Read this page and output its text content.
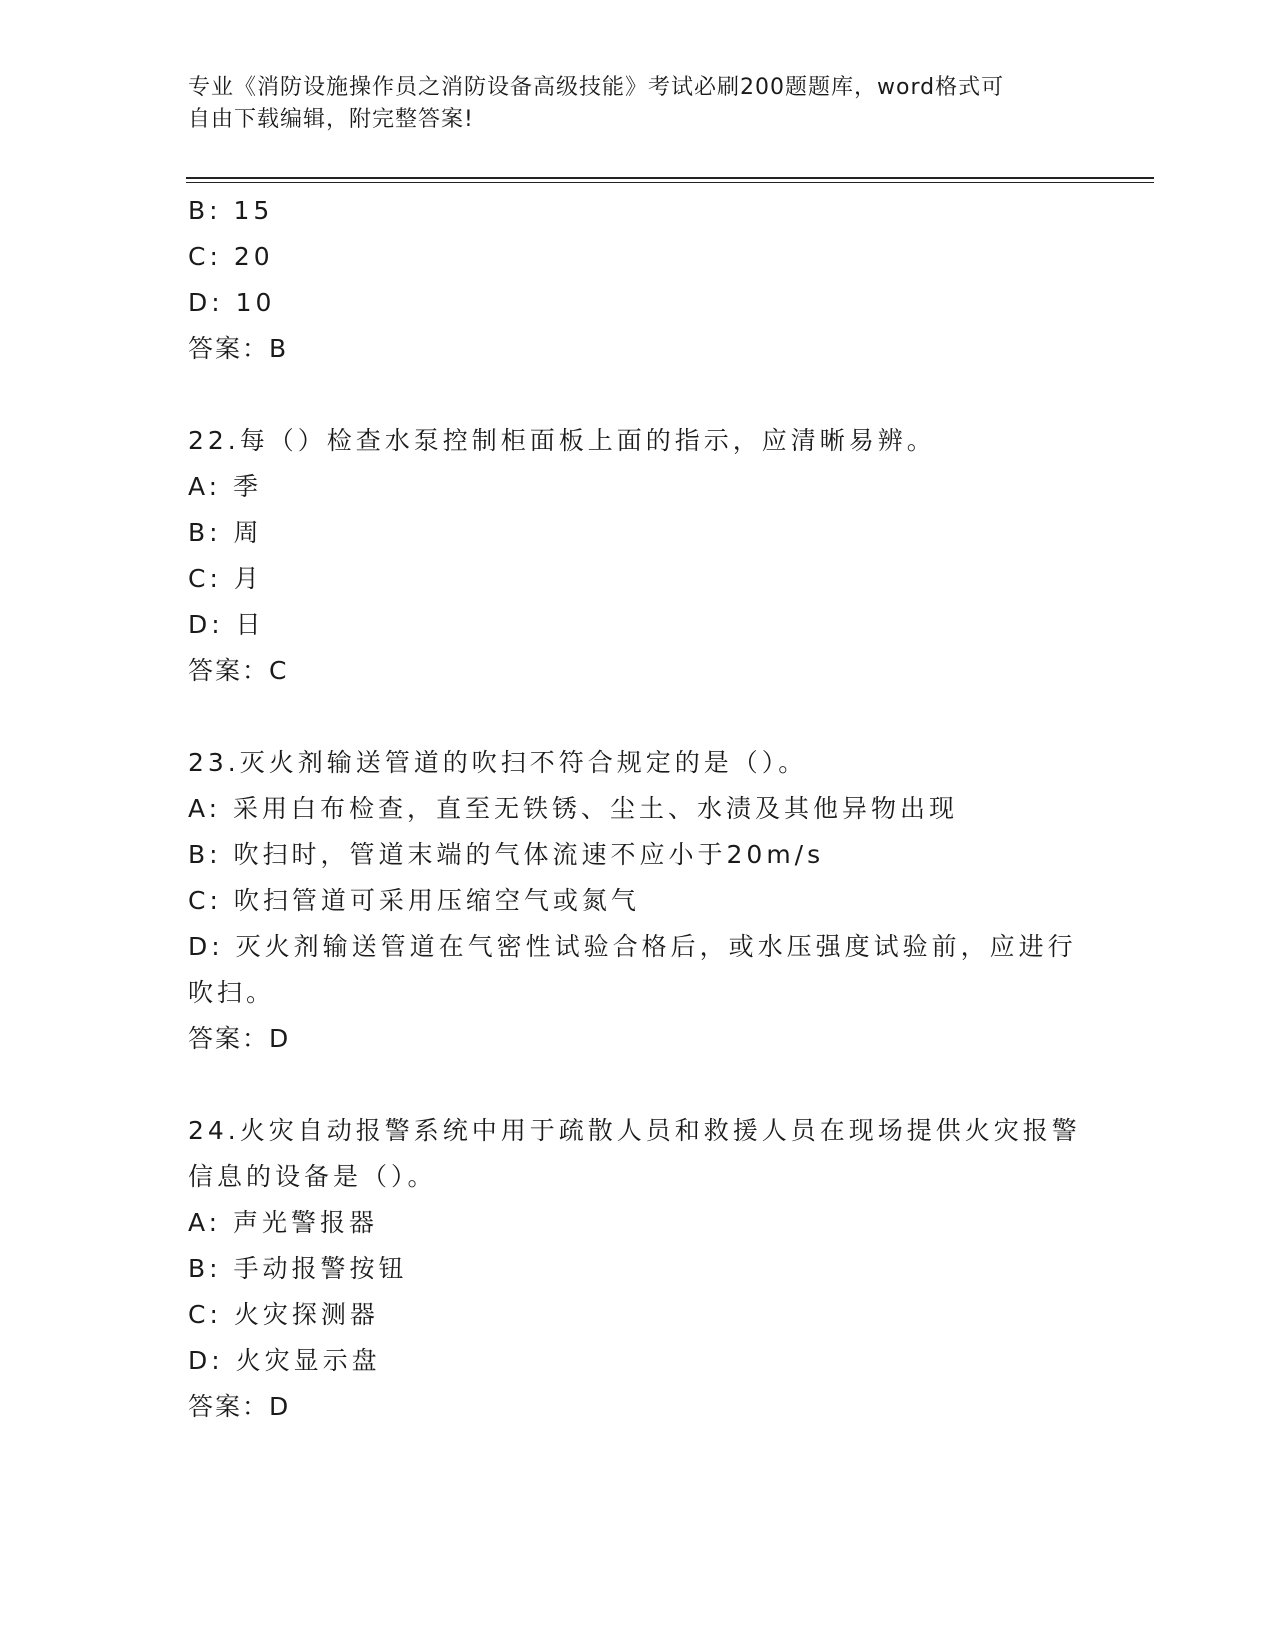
专业《消防设施操作员之消防设备高级技能》考试必刷200题题库，word格式可
自由下载编辑，附完整答案!
B: 15
C: 20
D: 10
答案：B
22.每（）检查水泵控制柜面板上面的指示，应清晰易辨。
A: 季
B: 周
C: 月
D: 日
答案：C
23.灭火剂输送管道的吹扫不符合规定的是（）。
A: 采用白布检查，直至无铁锈、尘土、水渍及其他异物出现
B: 吹扫时，管道末端的气体流速不应小于20m/s
C: 吹扫管道可采用压缩空气或氮气
D: 灭火剂输送管道在气密性试验合格后，或水压强度试验前，应进行吹扫。
答案：D
24.火灾自动报警系统中用于疏散人员和救援人员在现场提供火灾报警信息的设备是（）。
A: 声光警报器
B: 手动报警按钮
C: 火灾探测器
D: 火灾显示盘
答案：D
